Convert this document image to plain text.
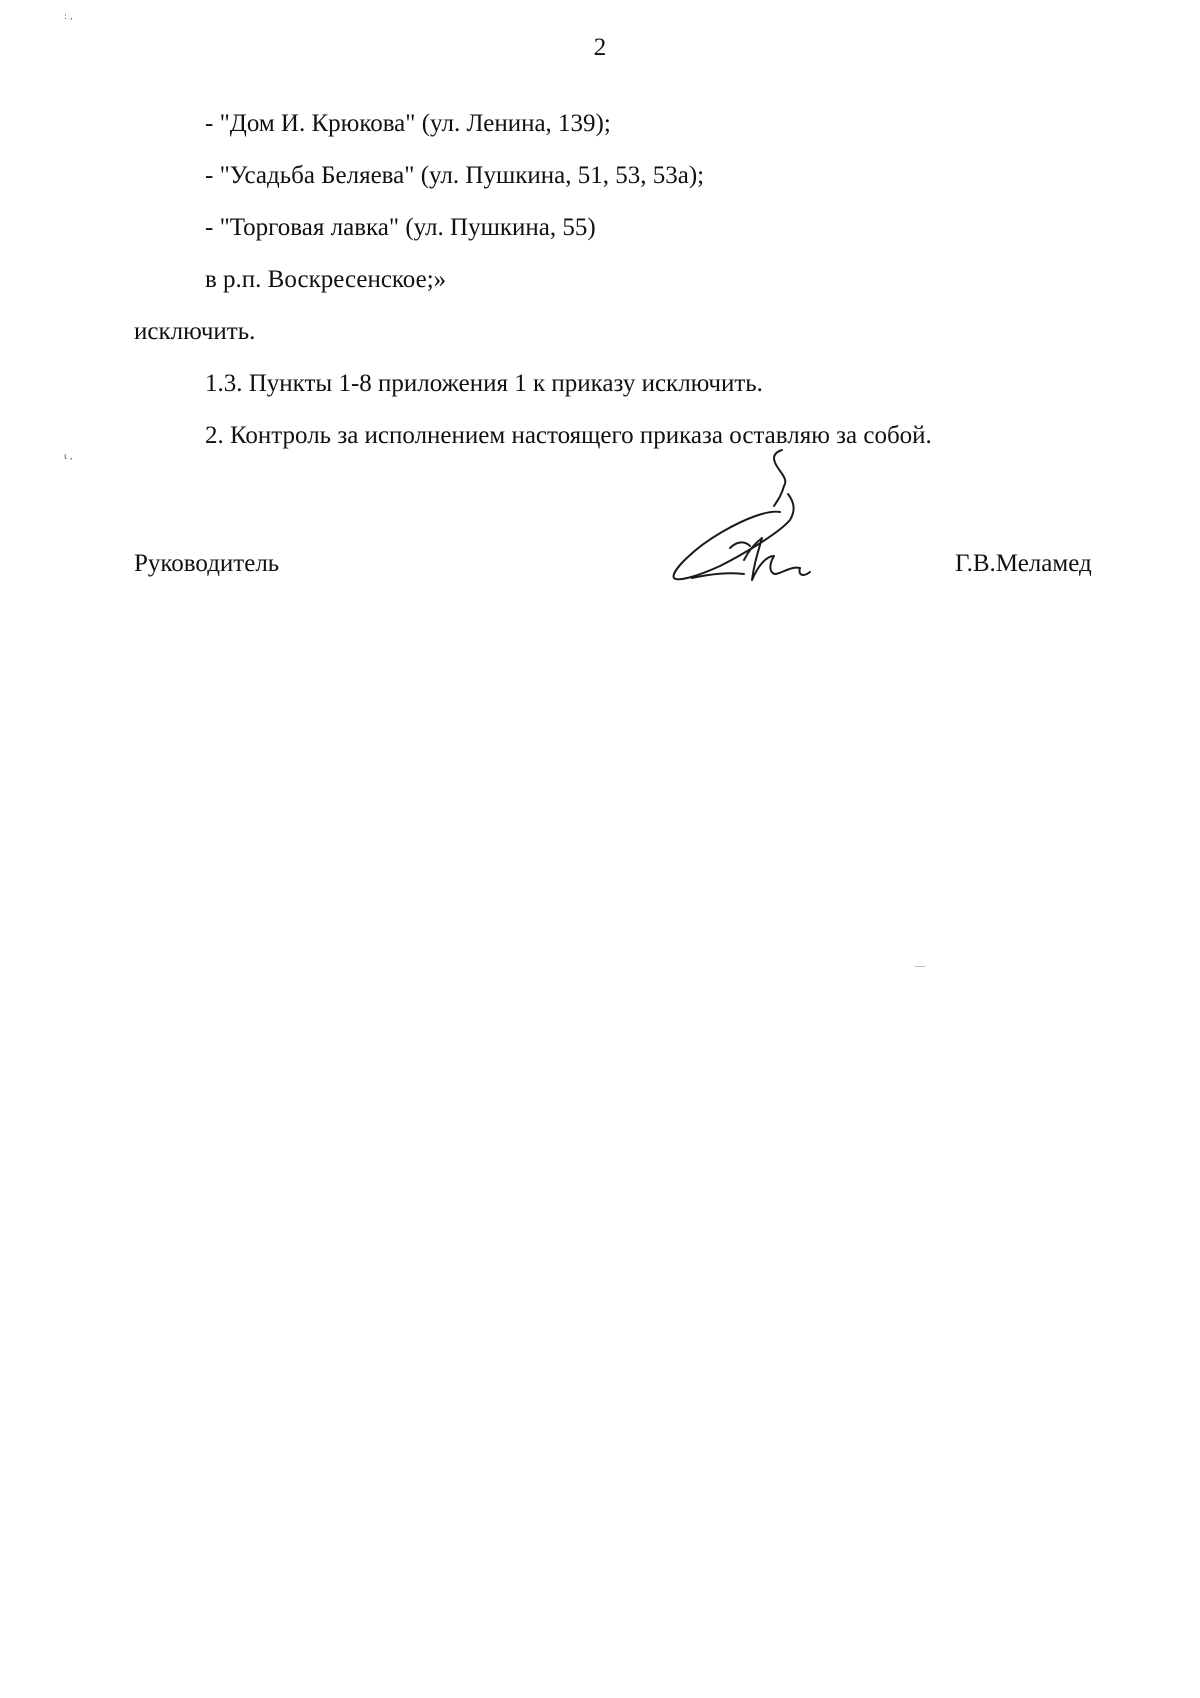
: ,
ι ,
2
- "Дом И. Крюкова" (ул. Ленина, 139);
- "Усадьба Беляева" (ул. Пушкина, 51, 53, 53а);
- "Торговая лавка" (ул. Пушкина, 55)
в р.п. Воскресенское;»
исключить.
1.3. Пункты 1-8 приложения 1 к приказу исключить.
2. Контроль за исполнением настоящего приказа оставляю за собой.
Руководитель	Г.В.Меламед
